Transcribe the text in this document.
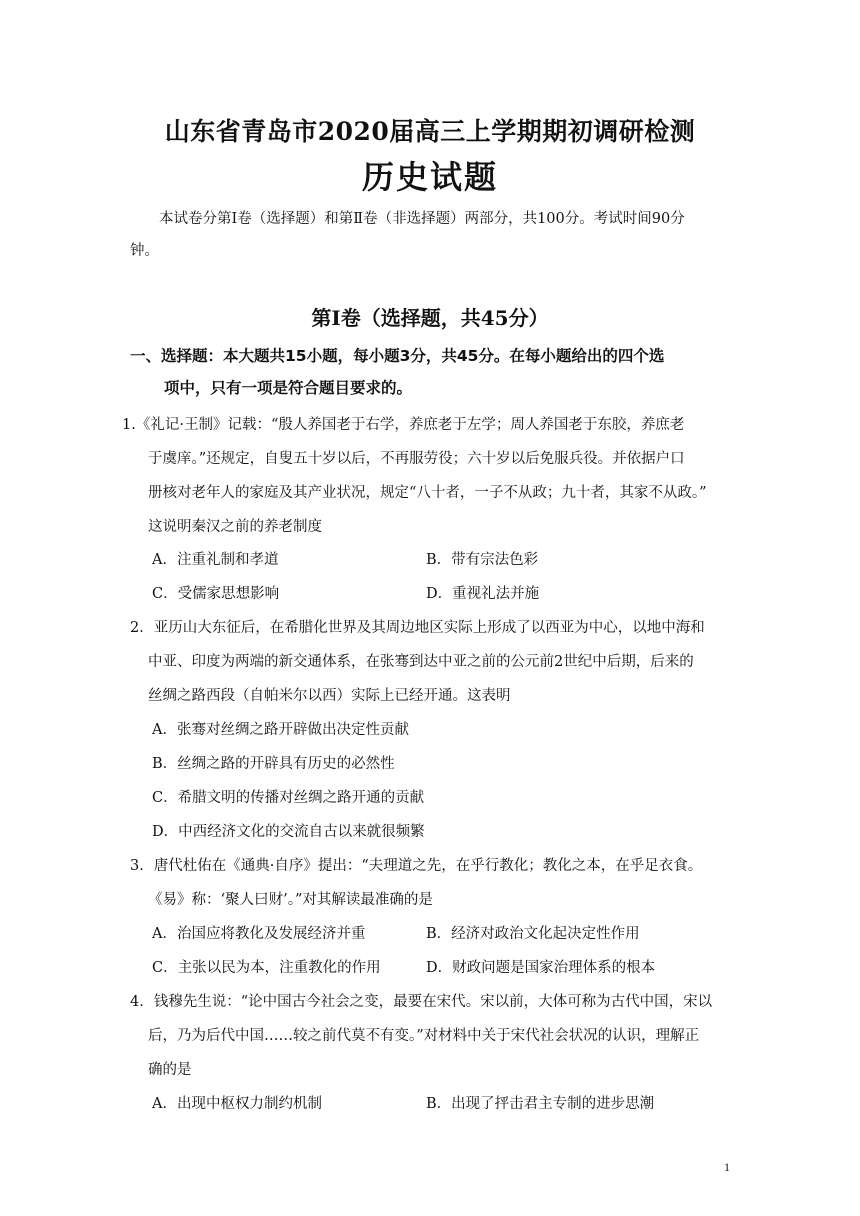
山东省青岛市2020届高三上学期期初调研检测
历史试题
本试卷分第Ⅰ卷（选择题）和第Ⅱ卷（非选择题）两部分，共100分。考试时间90分
钟。
第Ⅰ卷（选择题，共45分）
一、选择题：本大题共15小题，每小题3分，共45分。在每小题给出的四个选
项中，只有一项是符合题目要求的。
1.《礼记·王制》记载：“殷人养国老于右学，养庶老于左学；周人养国老于东胶，养庶老
于虞庠。”还规定，自叟五十岁以后，不再服劳役；六十岁以后免服兵役。并依据户口
册核对老年人的家庭及其产业状况，规定“八十者，一子不从政；九十者，其家不从政。”
这说明秦汉之前的养老制度
A．注重礼制和孝道	B．带有宗法色彩
C．受儒家思想影响	D．重视礼法并施
2．亚历山大东征后，在希腊化世界及其周边地区实际上形成了以西亚为中心，以地中海和
中亚、印度为两端的新交通体系，在张骞到达中亚之前的公元前2世纪中后期，后来的
丝绸之路西段（自帕米尔以西）实际上已经开通。这表明
A．张骞对丝绸之路开辟做出决定性贡献
B．丝绸之路的开辟具有历史的必然性
C．希腊文明的传播对丝绸之路开通的贡献
D．中西经济文化的交流自古以来就很频繁
3．唐代杜佑在《通典·自序》提出：“夫理道之先，在乎行教化；教化之本，在乎足衣食。
《易》称：‘聚人曰财’。”对其解读最准确的是
A．治国应将教化及发展经济并重	B．经济对政治文化起决定性作用
C．主张以民为本，注重教化的作用	D．财政问题是国家治理体系的根本
4．钱穆先生说：“论中国古今社会之变，最要在宋代。宋以前，大体可称为古代中国，宋以
后，乃为后代中国……较之前代莫不有变。”对材料中关于宋代社会状况的认识，理解正
确的是
A．出现中枢权力制约机制	B．出现了抨击君主专制的进步思潮
1
